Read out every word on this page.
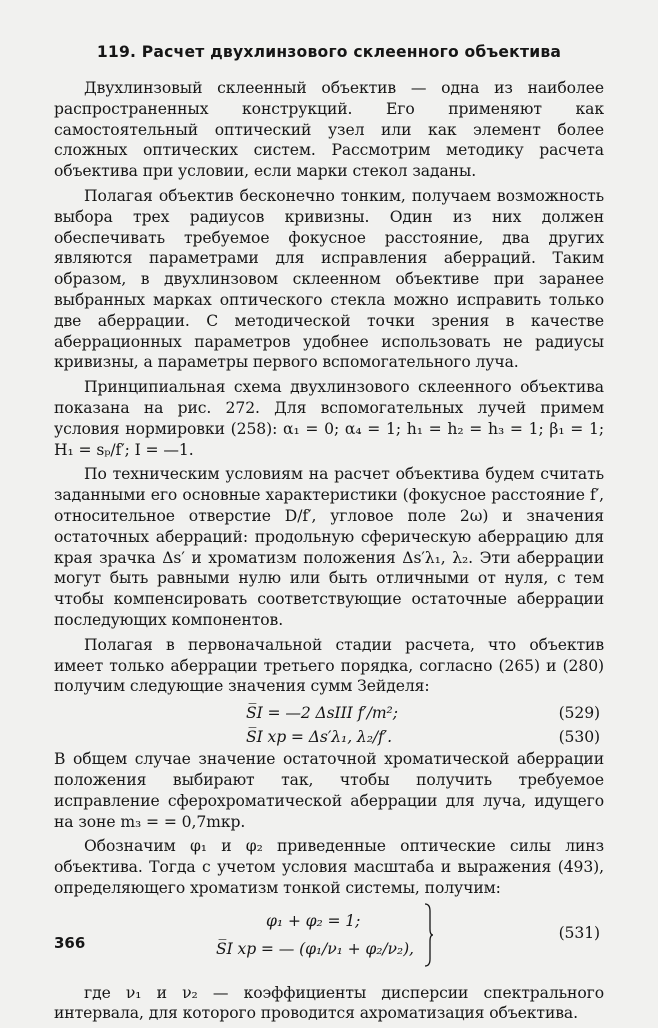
119. Расчет двухлинзового склеенного объектива

Двухлинзовый склеенный объектив — одна из наиболее распространенных конструкций. Его применяют как самостоятельный оптический узел или как элемент более сложных оптических систем. Рассмотрим методику расчета объектива при условии, если марки стекол заданы.

Полагая объектив бесконечно тонким, получаем возможность выбора трех радиусов кривизны. Один из них должен обеспечивать требуемое фокусное расстояние, два других являются параметрами для исправления аберраций. Таким образом, в двухлинзовом склеенном объективе при заранее выбранных марках оптического стекла можно исправить только две аберрации. С методической точки зрения в качестве аберрационных параметров удобнее использовать не радиусы кривизны, а параметры первого вспомогательного луча.

Принципиальная схема двухлинзового склеенного объектива показана на рис. 272. Для вспомогательных лучей примем условия нормировки (258): α₁ = 0; α₄ = 1; h₁ = h₂ = h₃ = 1; β₁ = 1; H₁ = sₚ/f′; I = —1.

По техническим условиям на расчет объектива будем считать заданными его основные характеристики (фокусное расстояние f′, относительное отверстие D/f′, угловое поле 2ω) и значения остаточных аберраций: продольную сферическую аберрацию для края зрачка Δs′ и хроматизм положения Δs′λ₁, λ₂. Эти аберрации могут быть равными нулю или быть отличными от нуля, с тем чтобы компенсировать соответствующие остаточные аберрации последующих компонентов.

Полагая в первоначальной стадии расчета, что объектив имеет только аберрации третьего порядка, согласно (265) и (280) получим следующие значения сумм Зейделя:

S̅I = —2 ΔsIII f′/m²;	(529)
S̅I хр = Δs′λ₁, λ₂/f′.	(530)

В общем случае значение остаточной хроматической аберрации положения выбирают так, чтобы получить требуемое исправление сферохроматической аберрации для луча, идущего на зоне m₃ = = 0,7mкр.

Обозначим φ₁ и φ₂ приведенные оптические силы линз объектива. Тогда с учетом условия масштаба и выражения (493), определяющего хроматизм тонкой системы, получим:

φ₁ + φ₂ = 1;
S̅I хр = — (φ₁/ν₁ + φ₂/ν₂),
(531)

где ν₁ и ν₂ — коэффициенты дисперсии спектрального интервала, для которого проводится ахроматизация объектива.

366
